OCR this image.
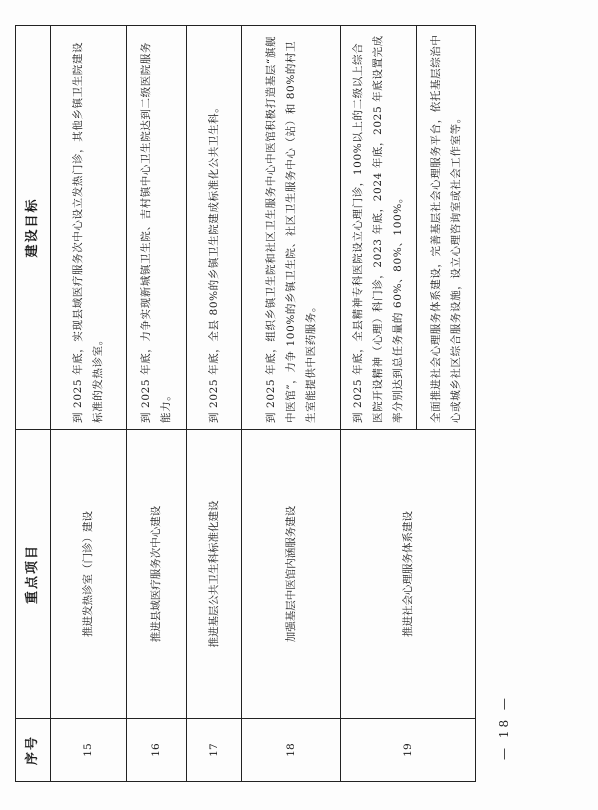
序号	重点项目	建设目标
15	推进发热诊室（门诊）建设	到 2025 年底，实现县域医疗服务次中心设立发热门诊，其他乡镇卫生院建设标准的发热诊室。
16	推进县域医疗服务次中心建设	到 2025 年底，力争实现新城镇卫生院、吉村镇中心卫生院达到二级医院服务能力。
17	推进基层公共卫生科标准化建设	到 2025 年底，全县 80%的乡镇卫生院建成标准化公共卫生科。
18	加强基层中医馆内涵服务建设	到 2025 年底，组织乡镇卫生院和社区卫生服务中心中医馆积极打造基层“旗舰中医馆”，力争 100%的乡镇卫生院、社区卫生服务中心（站）和 80%的村卫生室能提供中医药服务。
19	推进社会心理服务体系建设	到 2025 年底，全县精神专科医院设立心理门诊，100%以上的二级以上综合医院开设精神（心理）科门诊，2023 年底，2024 年底，2025 年底设置完成率分别达到总任务量的 60%、80%、100%。
		全面推进社会心理服务体系建设，完善基层社会心理服务平台，依托基层综治中心或城乡社区综合服务设施，设立心理咨询室或社会工作室等。
— 18 —
